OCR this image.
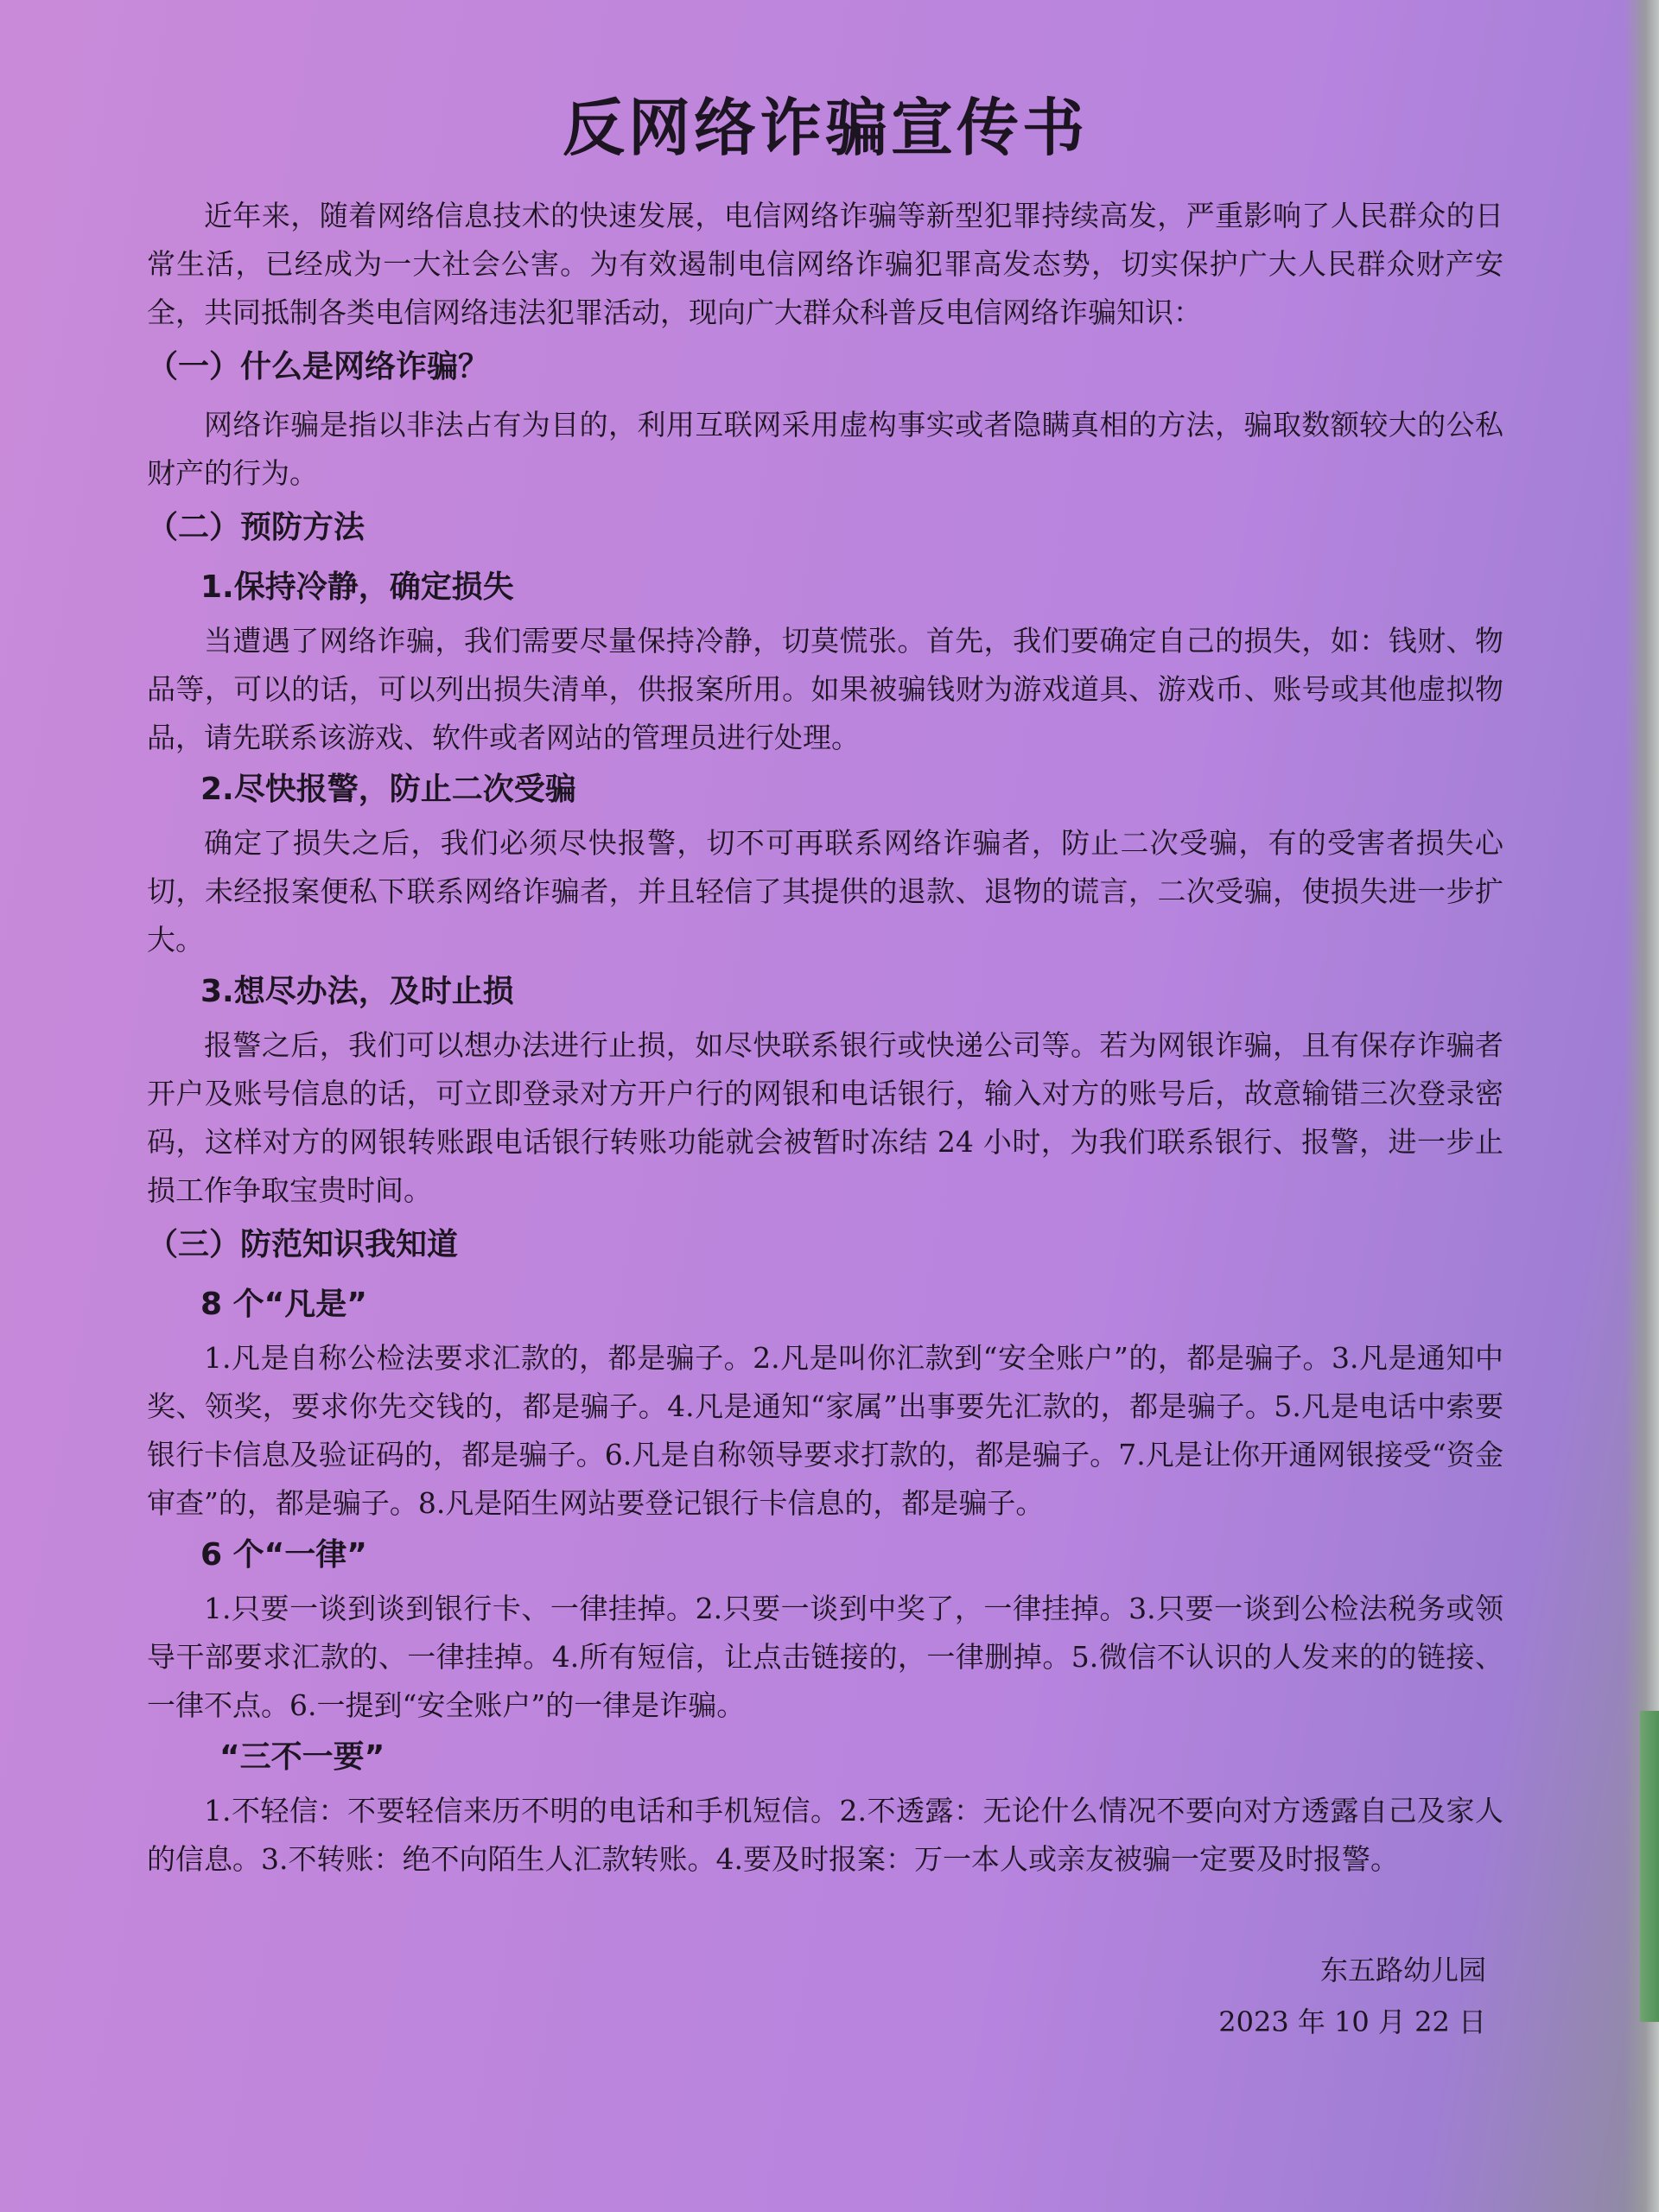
反网络诈骗宣传书

近年来，随着网络信息技术的快速发展，电信网络诈骗等新型犯罪持续高发，严重影响了人民群众的日常生活，已经成为一大社会公害。为有效遏制电信网络诈骗犯罪高发态势，切实保护广大人民群众财产安全，共同抵制各类电信网络违法犯罪活动，现向广大群众科普反电信网络诈骗知识：

（一）什么是网络诈骗？

网络诈骗是指以非法占有为目的，利用互联网采用虚构事实或者隐瞒真相的方法，骗取数额较大的公私财产的行为。

（二）预防方法
1.保持冷静，确定损失

当遭遇了网络诈骗，我们需要尽量保持冷静，切莫慌张。首先，我们要确定自己的损失，如：钱财、物品等，可以的话，可以列出损失清单，供报案所用。如果被骗钱财为游戏道具、游戏币、账号或其他虚拟物品，请先联系该游戏、软件或者网站的管理员进行处理。

2.尽快报警，防止二次受骗

确定了损失之后，我们必须尽快报警，切不可再联系网络诈骗者，防止二次受骗，有的受害者损失心切，未经报案便私下联系网络诈骗者，并且轻信了其提供的退款、退物的谎言，二次受骗，使损失进一步扩大。

3.想尽办法，及时止损

报警之后，我们可以想办法进行止损，如尽快联系银行或快递公司等。若为网银诈骗，且有保存诈骗者开户及账号信息的话，可立即登录对方开户行的网银和电话银行，输入对方的账号后，故意输错三次登录密码，这样对方的网银转账跟电话银行转账功能就会被暂时冻结 24 小时，为我们联系银行、报警，进一步止损工作争取宝贵时间。

（三）防范知识我知道
8 个“凡是”

1.凡是自称公检法要求汇款的，都是骗子。2.凡是叫你汇款到“安全账户”的，都是骗子。3.凡是通知中奖、领奖，要求你先交钱的，都是骗子。4.凡是通知“家属”出事要先汇款的，都是骗子。5.凡是电话中索要银行卡信息及验证码的，都是骗子。6.凡是自称领导要求打款的，都是骗子。7.凡是让你开通网银接受“资金审查”的，都是骗子。8.凡是陌生网站要登记银行卡信息的，都是骗子。

6 个“一律”

1.只要一谈到谈到银行卡、一律挂掉。2.只要一谈到中奖了，一律挂掉。3.只要一谈到公检法税务或领导干部要求汇款的、一律挂掉。4.所有短信，让点击链接的，一律删掉。5.微信不认识的人发来的的链接、一律不点。6.一提到“安全账户”的一律是诈骗。

“三不一要”

1.不轻信：不要轻信来历不明的电话和手机短信。2.不透露：无论什么情况不要向对方透露自己及家人的信息。3.不转账：绝不向陌生人汇款转账。4.要及时报案：万一本人或亲友被骗一定要及时报警。

东五路幼儿园
2023 年 10 月 22 日
